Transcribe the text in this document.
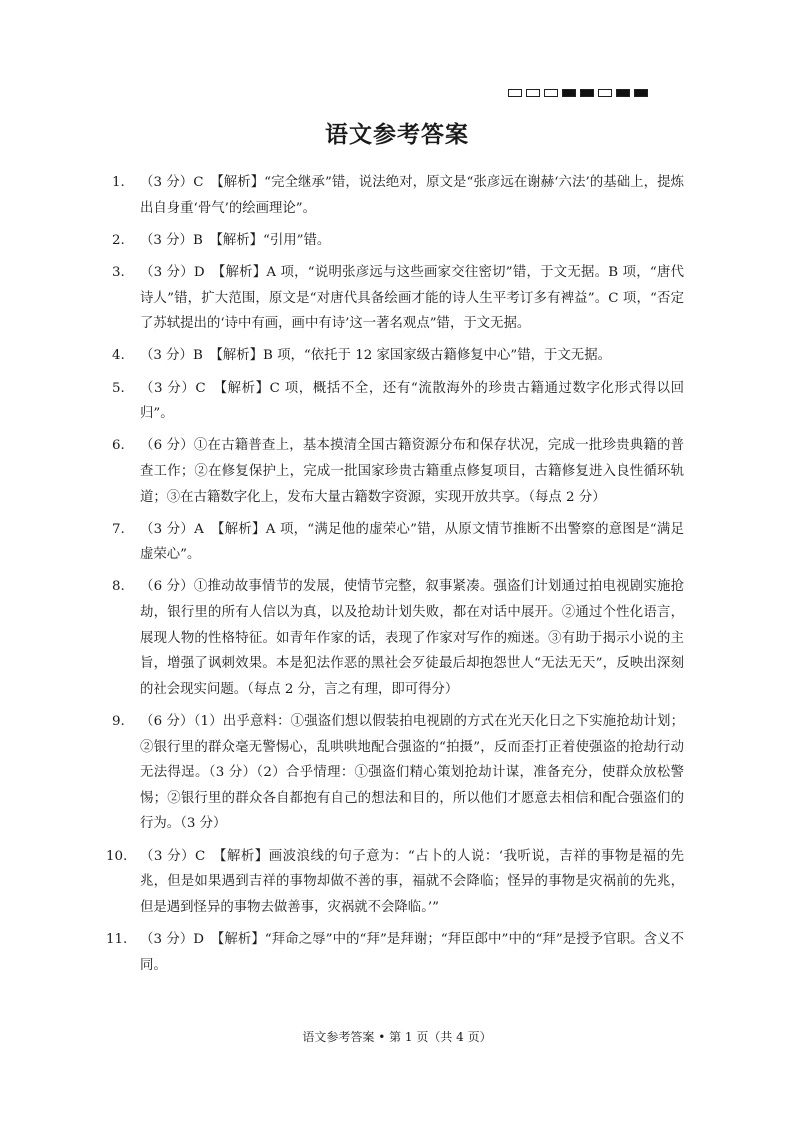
语文参考答案
1. （3 分）C　【解析】“完全继承”错，说法绝对，原文是“张彦远在谢赫‘六法’的基础上，提炼出自身重‘骨气’的绘画理论”。
2. （3 分）B　【解析】“引用”错。
3. （3 分）D　【解析】A 项，“说明张彦远与这些画家交往密切”错，于文无据。B 项，“唐代诗人”错，扩大范围，原文是“对唐代具备绘画才能的诗人生平考订多有裨益”。C 项，“否定了苏轼提出的‘诗中有画，画中有诗’这一著名观点”错，于文无据。
4. （3 分）B　【解析】B 项，“依托于 12 家国家级古籍修复中心”错，于文无据。
5. （3 分）C　【解析】C 项，概括不全，还有“流散海外的珍贵古籍通过数字化形式得以回归”。
6. （6 分）①在古籍普查上，基本摸清全国古籍资源分布和保存状况，完成一批珍贵典籍的普查工作；②在修复保护上，完成一批国家珍贵古籍重点修复项目，古籍修复进入良性循环轨道；③在古籍数字化上，发布大量古籍数字资源，实现开放共享。（每点 2 分）
7. （3 分）A　【解析】A 项，“满足他的虚荣心”错，从原文情节推断不出警察的意图是“满足虚荣心”。
8. （6 分）①推动故事情节的发展，使情节完整，叙事紧凑。强盗们计划通过拍电视剧实施抢劫，银行里的所有人信以为真，以及抢劫计划失败，都在对话中展开。②通过个性化语言，展现人物的性格特征。如青年作家的话，表现了作家对写作的痴迷。③有助于揭示小说的主旨，增强了讽刺效果。本是犯法作恶的黑社会歹徒最后却抱怨世人“无法无天”，反映出深刻的社会现实问题。（每点 2 分，言之有理，即可得分）
9. （6 分）（1）出乎意料：①强盗们想以假装拍电视剧的方式在光天化日之下实施抢劫计划；②银行里的群众毫无警惕心，乱哄哄地配合强盗的“拍摄”，反而歪打正着使强盗的抢劫行动无法得逞。（3 分）（2）合乎情理：①强盗们精心策划抢劫计谋，准备充分，使群众放松警惕；②银行里的群众各自都抱有自己的想法和目的，所以他们才愿意去相信和配合强盗们的行为。（3 分）
10. （3 分）C　【解析】画波浪线的句子意为：“占卜的人说：‘我听说，吉祥的事物是福的先兆，但是如果遇到吉祥的事物却做不善的事，福就不会降临；怪异的事物是灾祸前的先兆，但是遇到怪异的事物去做善事，灾祸就不会降临。’”
11. （3 分）D　【解析】“拜命之辱”中的“拜”是拜谢；“拜臣郎中”中的“拜”是授予官职。含义不同。
语文参考答案 • 第 1 页（共 4 页）
